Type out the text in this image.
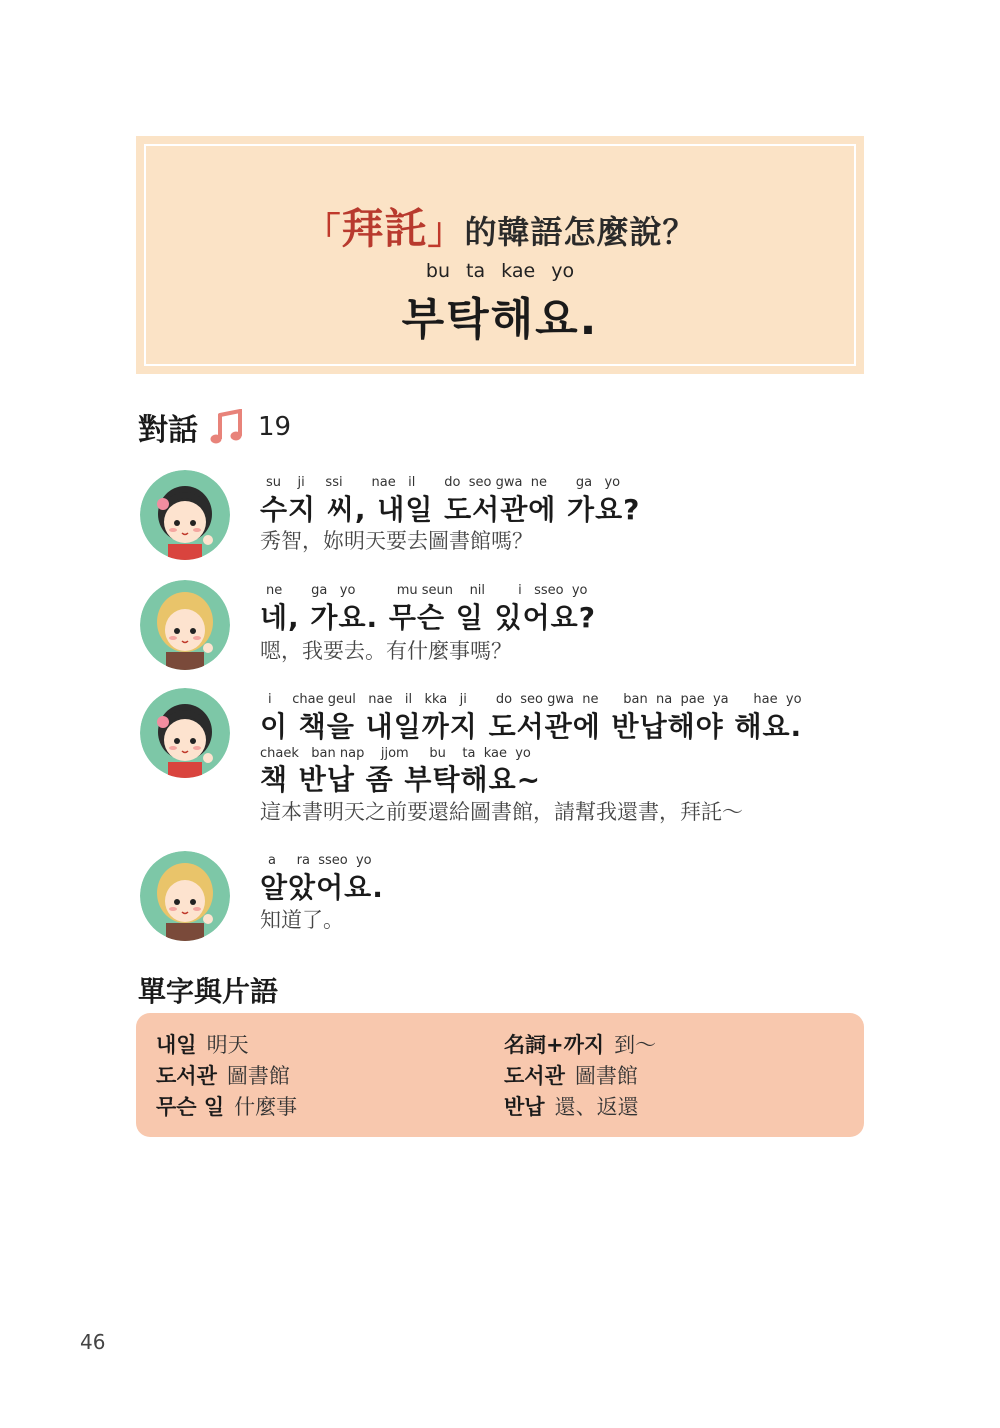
「拜託」的韓語怎麼說？
bu ta kae yo
부탁해요.
對話 19
su    ji     ssi       nae   il       do  seo gwa  ne       ga   yo
수지 씨, 내일 도서관에 가요?
秀智，妳明天要去圖書館嗎？
ne       ga   yo          mu seun    nil        i   sseo  yo
네, 가요. 무슨 일 있어요?
嗯，我要去。有什麼事嗎？
i     chae geul   nae   il   kka   ji       do  seo gwa  ne      ban  na  pae  ya      hae  yo
이 책을 내일까지 도서관에 반납해야 해요.
chaek   ban nap    jjom     bu    ta  kae  yo
책 반납 좀 부탁해요~
這本書明天之前要還給圖書館，請幫我還書，拜託～
a     ra  sseo  yo
알았어요.
知道了。
單字與片語
내일 明天
도서관 圖書館
무슨 일 什麼事
名詞+까지 到～
도서관 圖書館
반납 還、返還
46
